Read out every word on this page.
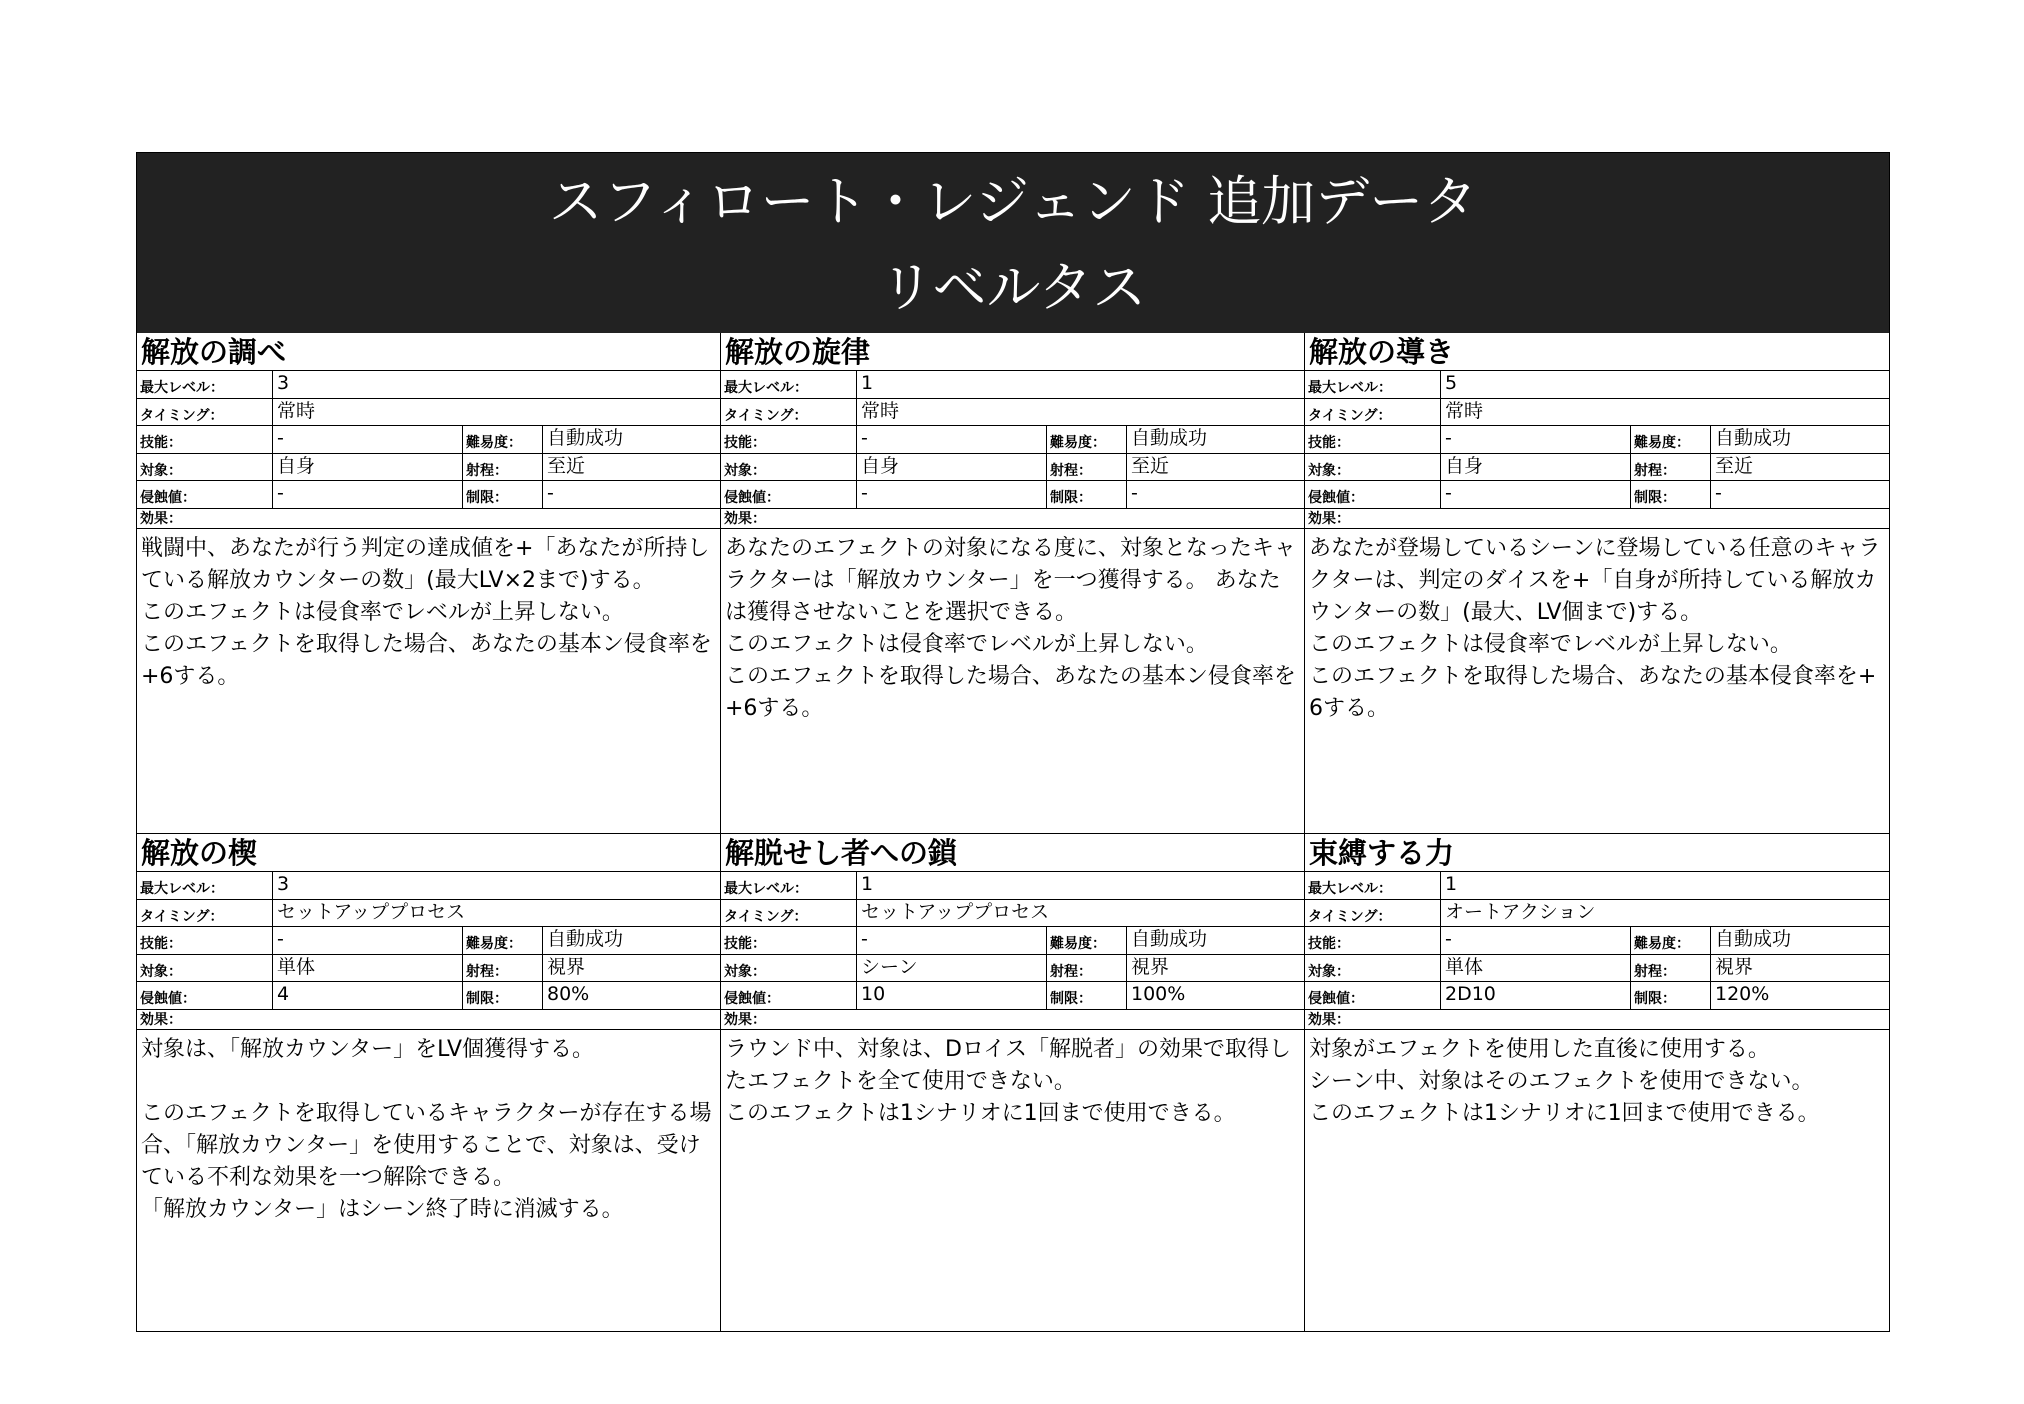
スフィロート・レジェンド 追加データ
リベルタス
解放の調べ
最大レベル：	3
タイミング：	常時
技能：	-	難易度：	自動成功
対象：	自身	射程：	至近
侵蝕値：	-	制限：	-
効果：
戦闘中、あなたが行う判定の達成値を+「あなたが所持している解放カウンターの数」(最大LV×2まで)する。
このエフェクトは侵食率でレベルが上昇しない。
このエフェクトを取得した場合、あなたの基本ン侵食率を+6する。
解放の旋律
最大レベル：	1
タイミング：	常時
技能：	-	難易度：	自動成功
対象：	自身	射程：	至近
侵蝕値：	-	制限：	-
効果：
あなたのエフェクトの対象になる度に、対象となったキャラクターは「解放カウンター」を一つ獲得する。 あなたは獲得させないことを選択できる。
このエフェクトは侵食率でレベルが上昇しない。
このエフェクトを取得した場合、あなたの基本ン侵食率を+6する。
解放の導き
最大レベル：	5
タイミング：	常時
技能：	-	難易度：	自動成功
対象：	自身	射程：	至近
侵蝕値：	-	制限：	-
効果：
あなたが登場しているシーンに登場している任意のキャラクターは、判定のダイスを+「自身が所持している解放カウンターの数」(最大、LV個まで)する。
このエフェクトは侵食率でレベルが上昇しない。
このエフェクトを取得した場合、あなたの基本侵食率を+6する。
解放の楔
最大レベル：	3
タイミング：	セットアッププロセス
技能：	-	難易度：	自動成功
対象：	単体	射程：	視界
侵蝕値：	4	制限：	80%
効果：
対象は、「解放カウンター」をLV個獲得する。

このエフェクトを取得しているキャラクターが存在する場合、「解放カウンター」を使用することで、対象は、受けている不利な効果を一つ解除できる。
「解放カウンター」はシーン終了時に消滅する。
解脱せし者への鎖
最大レベル：	1
タイミング：	セットアッププロセス
技能：	-	難易度：	自動成功
対象：	シーン	射程：	視界
侵蝕値：	10	制限：	100%
効果：
ラウンド中、対象は、Dロイス「解脱者」の効果で取得したエフェクトを全て使用できない。
このエフェクトは1シナリオに1回まで使用できる。
束縛する力
最大レベル：	1
タイミング：	オートアクション
技能：	-	難易度：	自動成功
対象：	単体	射程：	視界
侵蝕値：	2D10	制限：	120%
効果：
対象がエフェクトを使用した直後に使用する。
シーン中、対象はそのエフェクトを使用できない。
このエフェクトは1シナリオに1回まで使用できる。
